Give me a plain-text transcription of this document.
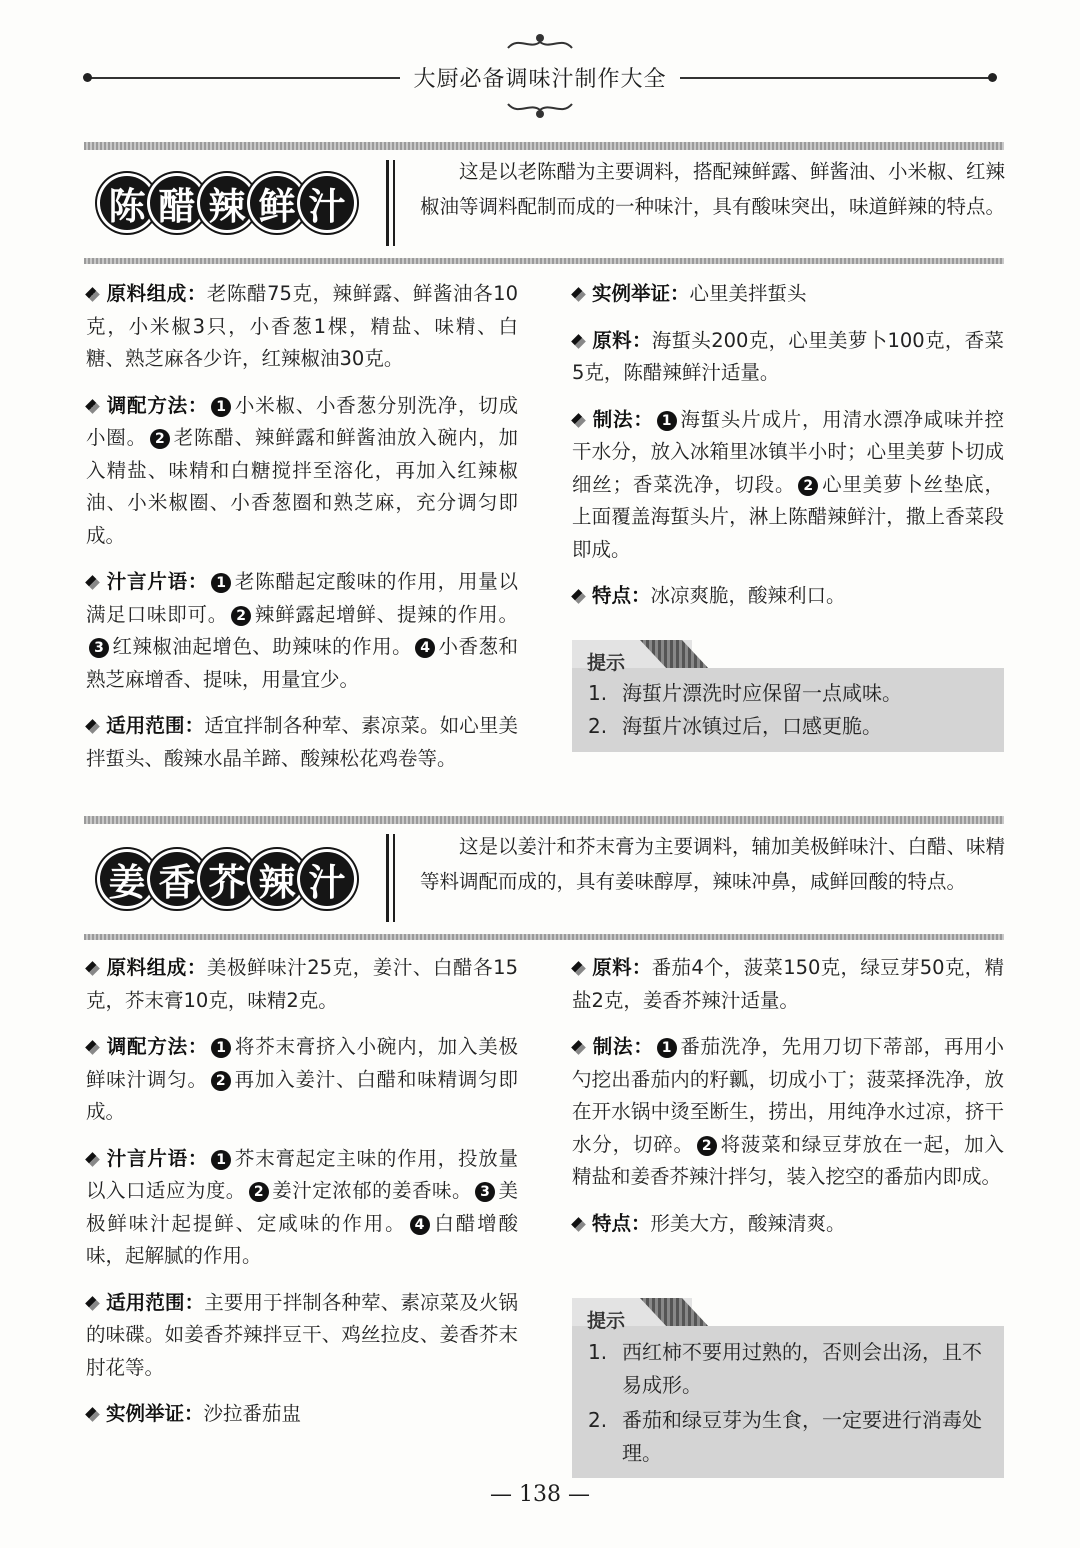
大厨必备调味汁制作大全
陈 醋 辣 鲜 汁
这是以老陈醋为主要调料，搭配辣鲜露、鲜酱油、小米椒、红辣椒油等调料配制而成的一种味汁，具有酸味突出，味道鲜辣的特点。

原料组成：老陈醋75克，辣鲜露、鲜酱油各10克，小米椒3只，小香葱1棵，精盐、味精、白糖、熟芝麻各少许，红辣椒油30克。

调配方法： 1 小米椒、小香葱分别洗净，切成小圈。 2 老陈醋、辣鲜露和鲜酱油放入碗内，加入精盐、味精和白糖搅拌至溶化，再加入红辣椒油、小米椒圈、小香葱圈和熟芝麻，充分调匀即成。

汁言片语： 1 老陈醋起定酸味的作用，用量以满足口味即可。 2 辣鲜露起增鲜、提辣的作用。3 红辣椒油起增色、助辣味的作用。 4 小香葱和熟芝麻增香、提味，用量宜少。

适用范围：适宜拌制各种荤、素凉菜。如心里美拌蜇头、酸辣水晶羊蹄、酸辣松花鸡卷等。

实例举证：心里美拌蜇头

原料：海蜇头200克，心里美萝卜100克，香菜5克，陈醋辣鲜汁适量。

制法： 1 海蜇头片成片，用清水漂净咸味并控干水分，放入冰箱里冰镇半小时；心里美萝卜切成细丝；香菜洗净，切段。 2 心里美萝卜丝垫底，上面覆盖海蜇头片，淋上陈醋辣鲜汁，撒上香菜段即成。

特点：冰凉爽脆，酸辣利口。

提示
1. 海蜇片漂洗时应保留一点咸味。
2. 海蜇片冰镇过后，口感更脆。
姜 香 芥 辣 汁
这是以姜汁和芥末膏为主要调料，辅加美极鲜味汁、白醋、味精等料调配而成的，具有姜味醇厚，辣味冲鼻，咸鲜回酸的特点。

原料组成：美极鲜味汁25克，姜汁、白醋各15克，芥末膏10克，味精2克。

调配方法： 1 将芥末膏挤入小碗内，加入美极鲜味汁调匀。 2 再加入姜汁、白醋和味精调匀即成。

汁言片语： 1 芥末膏起定主味的作用，投放量以入口适应为度。 2 姜汁定浓郁的姜香味。 3 美极鲜味汁起提鲜、定咸味的作用。 4 白醋增酸味，起解腻的作用。

适用范围：主要用于拌制各种荤、素凉菜及火锅的味碟。如姜香芥辣拌豆干、鸡丝拉皮、姜香芥末肘花等。

实例举证：沙拉番茄盅

原料：番茄4个，菠菜150克，绿豆芽50克，精盐2克，姜香芥辣汁适量。

制法： 1 番茄洗净，先用刀切下蒂部，再用小勺挖出番茄内的籽瓤，切成小丁；菠菜择洗净，放在开水锅中烫至断生，捞出，用纯净水过凉，挤干水分，切碎。 2 将菠菜和绿豆芽放在一起，加入精盐和姜香芥辣汁拌匀，装入挖空的番茄内即成。

特点：形美大方，酸辣清爽。

提示
1. 西红柿不要用过熟的，否则会出汤，且不易成形。
2. 番茄和绿豆芽为生食，一定要进行消毒处理。
— 138 —
